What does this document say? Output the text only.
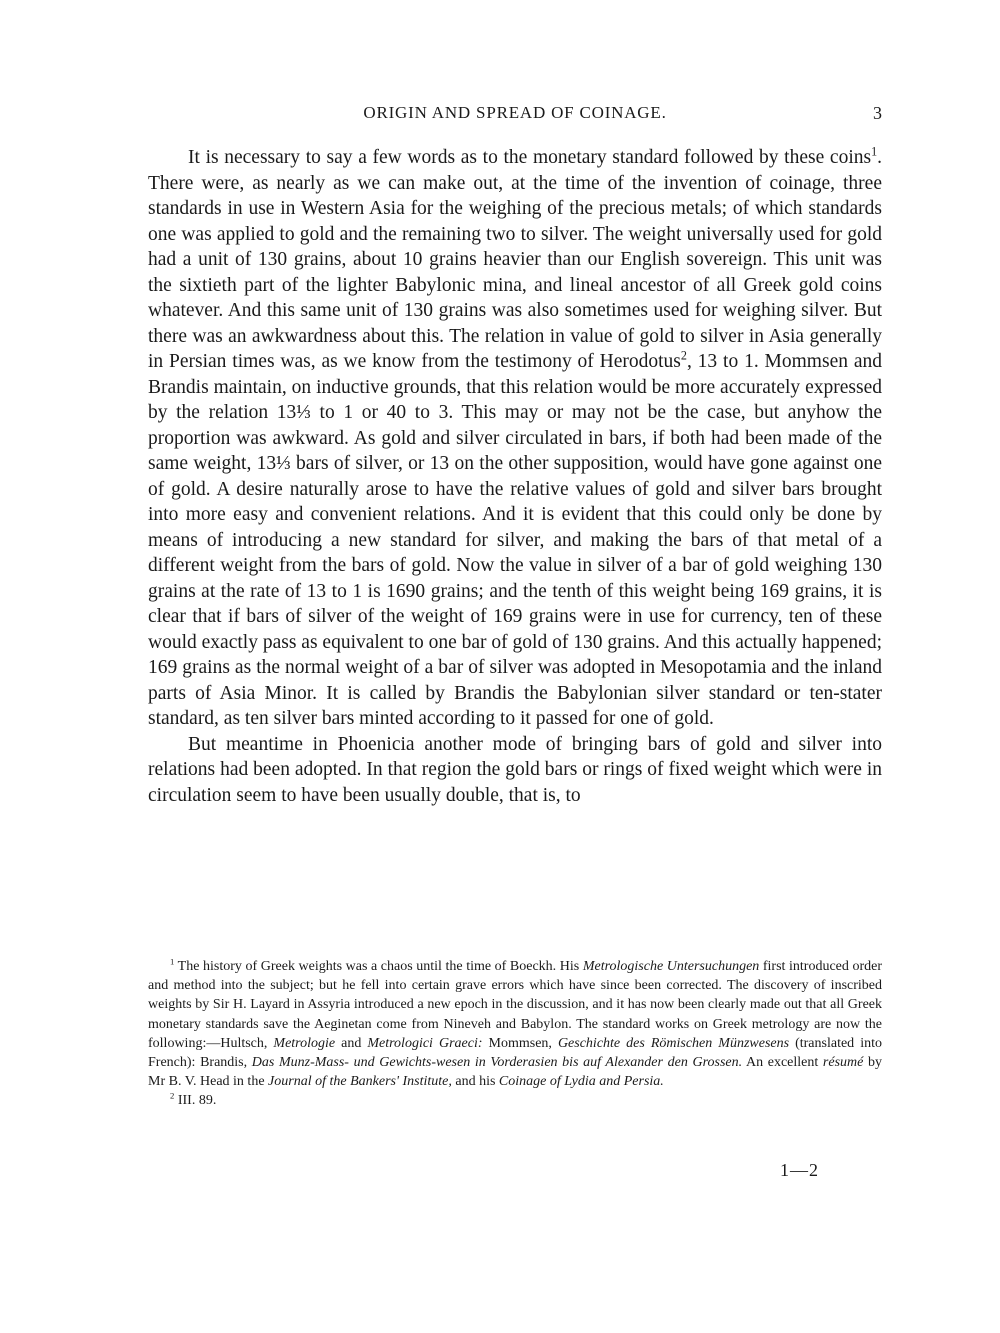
ORIGIN AND SPREAD OF COINAGE.	3

It is necessary to say a few words as to the monetary standard followed by these coins$^1$. There were, as nearly as we can make out, at the time of the invention of coinage, three standards in use in Western Asia for the weighing of the precious metals; of which standards one was applied to gold and the remaining two to silver. The weight universally used for gold had a unit of 130 grains, about 10 grains heavier than our English sovereign. This unit was the sixtieth part of the lighter Babylonic mina, and lineal ancestor of all Greek gold coins whatever. And this same unit of 130 grains was also sometimes used for weighing silver. But there was an awkwardness about this. The relation in value of gold to silver in Asia generally in Persian times was, as we know from the testimony of Herodotus$^2$, 13 to 1. Mommsen and Brandis maintain, on inductive grounds, that this relation would be more accurately expressed by the relation 13⅓ to 1 or 40 to 3. This may or may not be the case, but anyhow the proportion was awkward. As gold and silver circulated in bars, if both had been made of the same weight, 13⅓ bars of silver, or 13 on the other supposition, would have gone against one of gold. A desire naturally arose to have the relative values of gold and silver bars brought into more easy and convenient relations. And it is evident that this could only be done by means of introducing a new standard for silver, and making the bars of that metal of a different weight from the bars of gold. Now the value in silver of a bar of gold weighing 130 grains at the rate of 13 to 1 is 1690 grains; and the tenth of this weight being 169 grains, it is clear that if bars of silver of the weight of 169 grains were in use for currency, ten of these would exactly pass as equivalent to one bar of gold of 130 grains. And this actually happened; 169 grains as the normal weight of a bar of silver was adopted in Mesopotamia and the inland parts of Asia Minor. It is called by Brandis the Babylonian silver standard or ten-stater standard, as ten silver bars minted according to it passed for one of gold.

But meantime in Phoenicia another mode of bringing bars of gold and silver into relations had been adopted. In that region the gold bars or rings of fixed weight which were in circulation seem to have been usually double, that is, to

$^1$ The history of Greek weights was a chaos until the time of Boeckh. His Metrologische Untersuchungen first introduced order and method into the subject; but he fell into certain grave errors which have since been corrected. The discovery of inscribed weights by Sir H. Layard in Assyria introduced a new epoch in the discussion, and it has now been clearly made out that all Greek monetary standards save the Aeginetan come from Nineveh and Babylon. The standard works on Greek metrology are now the following:—Hultsch, Metrologie and Metrologici Graeci: Mommsen, Geschichte des Römischen Münzwesens (translated into French): Brandis, Das Munz-Mass- und Gewichts-wesen in Vorderasien bis auf Alexander den Grossen. An excellent résumé by Mr B. V. Head in the Journal of the Bankers' Institute, and his Coinage of Lydia and Persia.

$^2$ III. 89.

1—2
